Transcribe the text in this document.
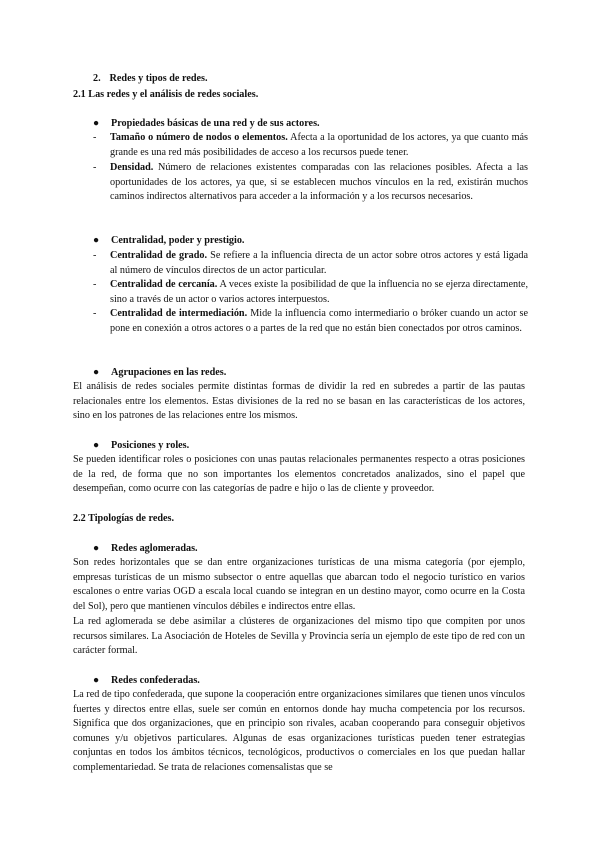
2. Redes y tipos de redes.
2.1 Las redes y el análisis de redes sociales.
● Propiedades básicas de una red y de sus actores.
- Tamaño o número de nodos o elementos. Afecta a la oportunidad de los actores, ya que cuanto más grande es una red más posibilidades de acceso a los recursos puede tener.

- Densidad. Número de relaciones existentes comparadas con las relaciones posibles. Afecta a las oportunidades de los actores, ya que, si se establecen muchos vínculos en la red, existirán muchos caminos indirectos alternativos para acceder a la información y a los recursos necesarios.

● Centralidad, poder y prestigio.
- Centralidad de grado. Se refiere a la influencia directa de un actor sobre otros actores y está ligada al número de vínculos directos de un actor particular.

- Centralidad de cercanía. A veces existe la posibilidad de que la influencia no se ejerza directamente, sino a través de un actor o varios actores interpuestos.

- Centralidad de intermediación. Mide la influencia como intermediario o bróker cuando un actor se pone en conexión a otros actores o a partes de la red que no están bien conectados por otros caminos.

● Agrupaciones en las redes.

El análisis de redes sociales permite distintas formas de dividir la red en subredes a partir de las pautas relacionales entre los elementos. Estas divisiones de la red no se basan en las características de los actores, sino en los patrones de las relaciones entre los mismos.

● Posiciones y roles.

Se pueden identificar roles o posiciones con unas pautas relacionales permanentes respecto a otras posiciones de la red, de forma que no son importantes los elementos concretados analizados, sino el papel que desempeñan, como ocurre con las categorías de padre e hijo o las de cliente y proveedor.

2.2 Tipologías de redes.
● Redes aglomeradas.

Son redes horizontales que se dan entre organizaciones turísticas de una misma categoría (por ejemplo, empresas turísticas de un mismo subsector o entre aquellas que abarcan todo el negocio turístico en varios escalones o entre varias OGD a escala local cuando se integran en un destino mayor, como ocurre en la Costa del Sol), pero que mantienen vínculos débiles e indirectos entre ellas.

La red aglomerada se debe asimilar a clústeres de organizaciones del mismo tipo que compiten por unos recursos similares. La Asociación de Hoteles de Sevilla y Provincia sería un ejemplo de este tipo de red con un carácter formal.

● Redes confederadas.

La red de tipo confederada, que supone la cooperación entre organizaciones similares que tienen unos vínculos fuertes y directos entre ellas, suele ser común en entornos donde hay mucha competencia por los recursos. Significa que dos organizaciones, que en principio son rivales, acaban cooperando para conseguir objetivos comunes y/u objetivos particulares. Algunas de esas organizaciones turísticas pueden tener estrategias conjuntas en todos los ámbitos técnicos, tecnológicos, productivos o comerciales en los que puedan hallar complementariedad. Se trata de relaciones comensalistas que se
